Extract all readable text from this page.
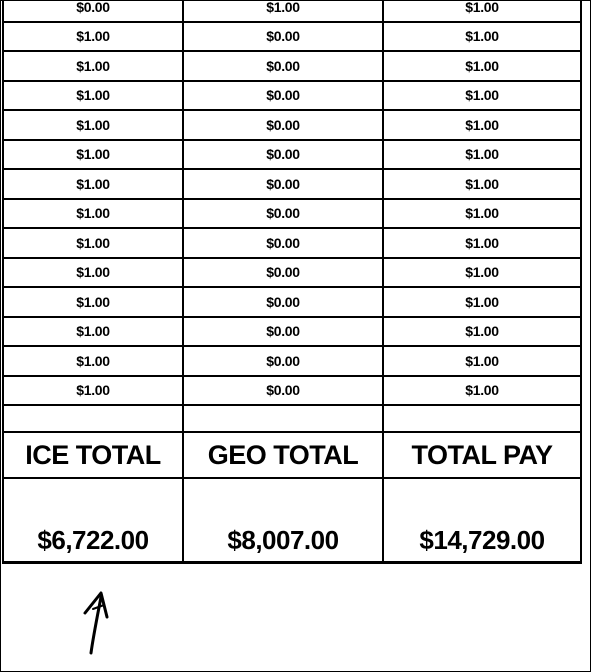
$0.00	$1.00	$1.00
$1.00	$0.00	$1.00
$1.00	$0.00	$1.00
$1.00	$0.00	$1.00
$1.00	$0.00	$1.00
$1.00	$0.00	$1.00
$1.00	$0.00	$1.00
$1.00	$0.00	$1.00
$1.00	$0.00	$1.00
$1.00	$0.00	$1.00
$1.00	$0.00	$1.00
$1.00	$0.00	$1.00
$1.00	$0.00	$1.00
$1.00	$0.00	$1.00

ICE TOTAL	GEO TOTAL	TOTAL PAY

$6,722.00	$8,007.00	$14,729.00
